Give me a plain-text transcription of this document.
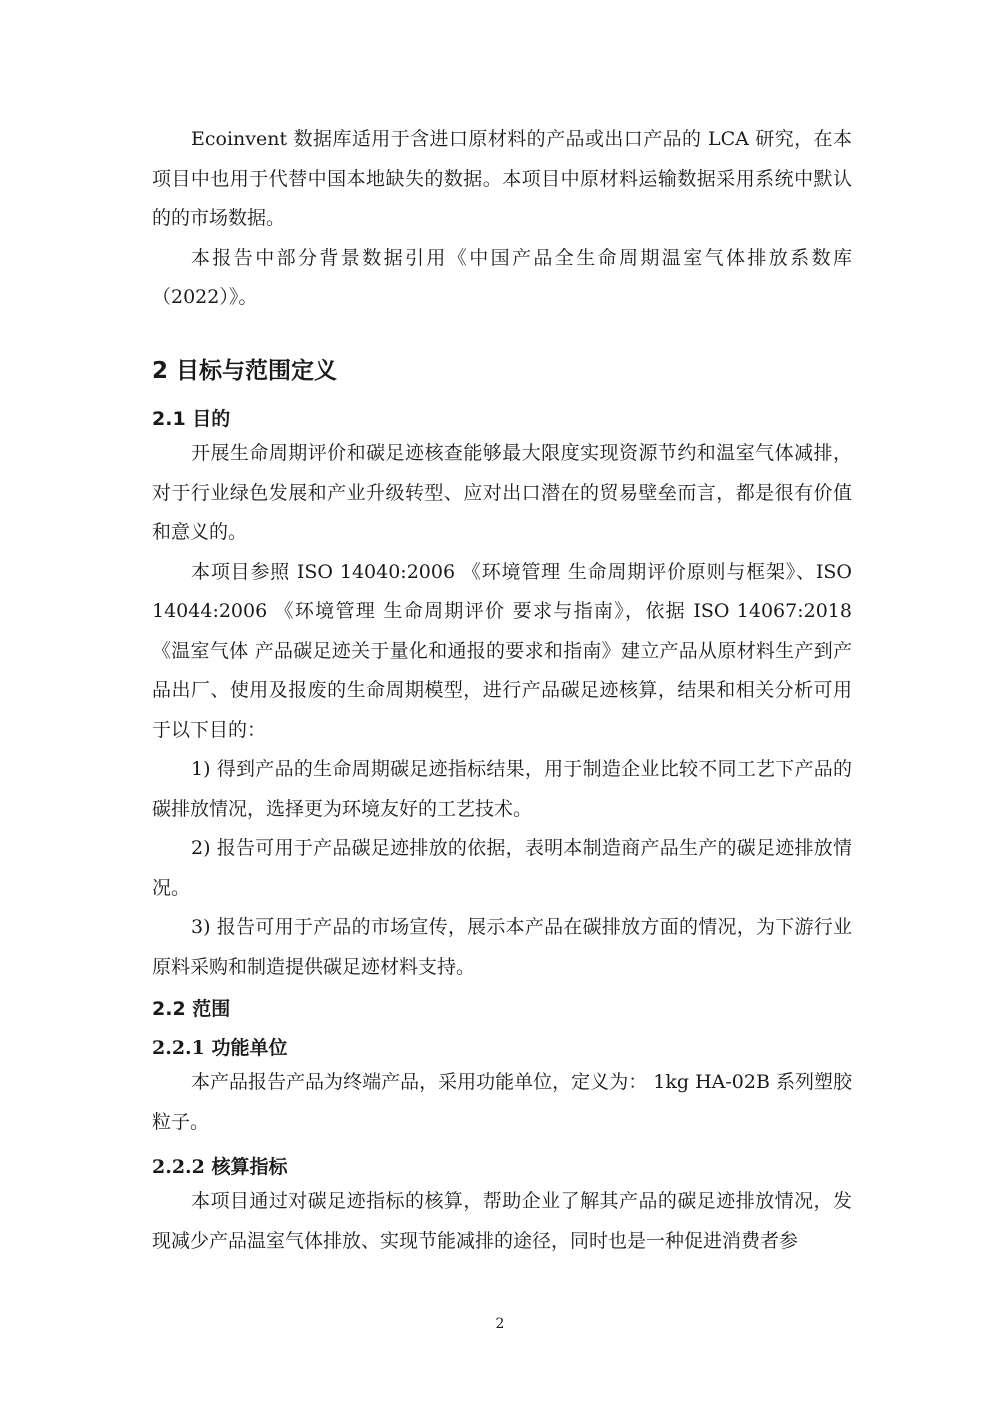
Ecoinvent 数据库适用于含进口原材料的产品或出口产品的 LCA 研究，在本项目中也用于代替中国本地缺失的数据。本项目中原材料运输数据采用系统中默认的的市场数据。

本报告中部分背景数据引用《中国产品全生命周期温室气体排放系数库（2022）》。

2 目标与范围定义
2.1 目的

开展生命周期评价和碳足迹核查能够最大限度实现资源节约和温室气体减排，对于行业绿色发展和产业升级转型、应对出口潜在的贸易壁垒而言，都是很有价值和意义的。

本项目参照 ISO 14040:2006 《环境管理 生命周期评价原则与框架》、ISO 14044:2006 《环境管理 生命周期评价 要求与指南》，依据 ISO 14067:2018《温室气体 产品碳足迹关于量化和通报的要求和指南》建立产品从原材料生产到产品出厂、使用及报废的生命周期模型，进行产品碳足迹核算，结果和相关分析可用于以下目的：

1) 得到产品的生命周期碳足迹指标结果，用于制造企业比较不同工艺下产品的碳排放情况，选择更为环境友好的工艺技术。

2) 报告可用于产品碳足迹排放的依据，表明本制造商产品生产的碳足迹排放情况。

3) 报告可用于产品的市场宣传，展示本产品在碳排放方面的情况，为下游行业原料采购和制造提供碳足迹材料支持。

2.2 范围
2.2.1 功能单位

本产品报告产品为终端产品，采用功能单位，定义为： 1kg HA-02B 系列塑胶粒子。

2.2.2 核算指标

本项目通过对碳足迹指标的核算，帮助企业了解其产品的碳足迹排放情况，发现减少产品温室气体排放、实现节能减排的途径，同时也是一种促进消费者参

2
